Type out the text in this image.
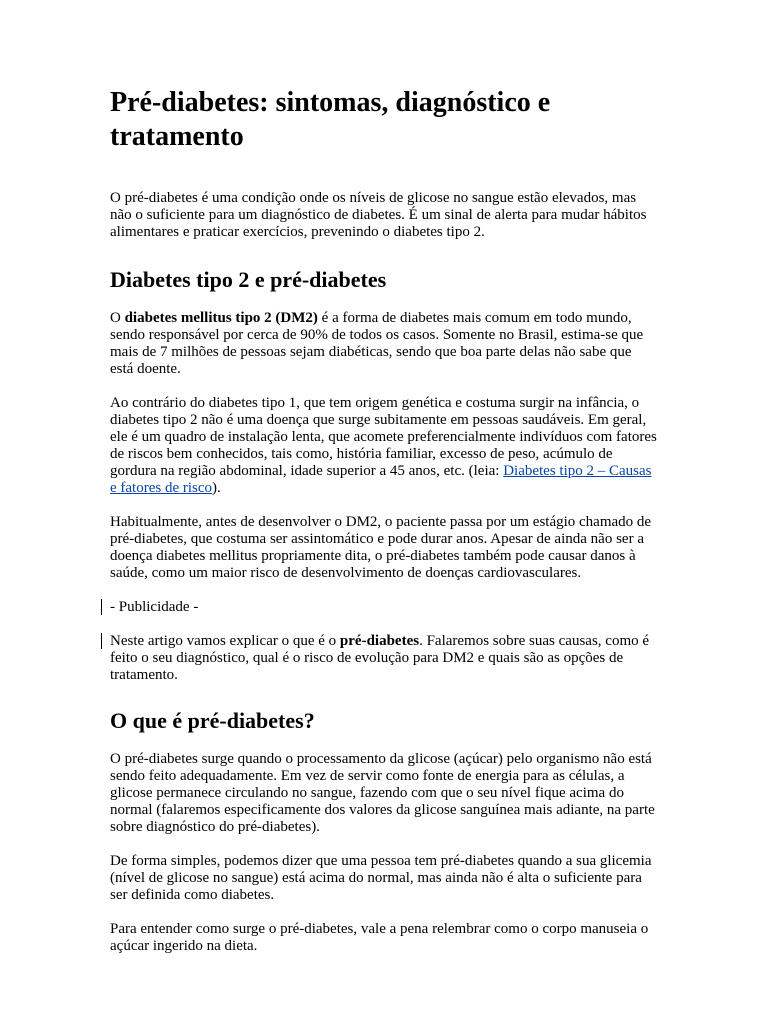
Pré-diabetes: sintomas, diagnóstico e tratamento

O pré-diabetes é uma condição onde os níveis de glicose no sangue estão elevados, mas não o suficiente para um diagnóstico de diabetes. É um sinal de alerta para mudar hábitos alimentares e praticar exercícios, prevenindo o diabetes tipo 2.

Diabetes tipo 2 e pré-diabetes

O diabetes mellitus tipo 2 (DM2) é a forma de diabetes mais comum em todo mundo, sendo responsável por cerca de 90% de todos os casos. Somente no Brasil, estima-se que mais de 7 milhões de pessoas sejam diabéticas, sendo que boa parte delas não sabe que está doente.

Ao contrário do diabetes tipo 1, que tem origem genética e costuma surgir na infância, o diabetes tipo 2 não é uma doença que surge subitamente em pessoas saudáveis. Em geral, ele é um quadro de instalação lenta, que acomete preferencialmente indivíduos com fatores de riscos bem conhecidos, tais como, história familiar, excesso de peso, acúmulo de gordura na região abdominal, idade superior a 45 anos, etc. (leia: Diabetes tipo 2 – Causas e fatores de risco).

Habitualmente, antes de desenvolver o DM2, o paciente passa por um estágio chamado de pré-diabetes, que costuma ser assintomático e pode durar anos. Apesar de ainda não ser a doença diabetes mellitus propriamente dita, o pré-diabetes também pode causar danos à saúde, como um maior risco de desenvolvimento de doenças cardiovasculares.

- Publicidade -

Neste artigo vamos explicar o que é o pré-diabetes. Falaremos sobre suas causas, como é feito o seu diagnóstico, qual é o risco de evolução para DM2 e quais são as opções de tratamento.

O que é pré-diabetes?

O pré-diabetes surge quando o processamento da glicose (açúcar) pelo organismo não está sendo feito adequadamente. Em vez de servir como fonte de energia para as células, a glicose permanece circulando no sangue, fazendo com que o seu nível fique acima do normal (falaremos especificamente dos valores da glicose sanguínea mais adiante, na parte sobre diagnóstico do pré-diabetes).

De forma simples, podemos dizer que uma pessoa tem pré-diabetes quando a sua glicemia (nível de glicose no sangue) está acima do normal, mas ainda não é alta o suficiente para ser definida como diabetes.

Para entender como surge o pré-diabetes, vale a pena relembrar como o corpo manuseia o açúcar ingerido na dieta.
